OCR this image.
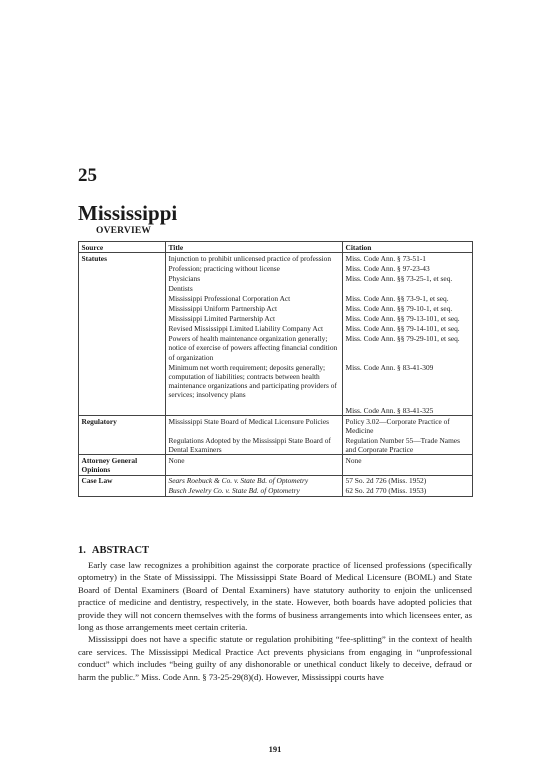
25
Mississippi
OVERVIEW
Source	Title	Citation
Statutes	Injunction to prohibit unlicensed practice of profession	Miss. Code Ann. § 73-51-1
	Profession; practicing without license	Miss. Code Ann. § 97-23-43
	Physicians	Miss. Code Ann. §§ 73-25-1, et seq.
	Dentists	
	Mississippi Professional Corporation Act	Miss. Code Ann. §§ 73-9-1, et seq.
	Mississippi Uniform Partnership Act	Miss. Code Ann. §§ 79-10-1, et seq.
	Mississippi Limited Partnership Act	Miss. Code Ann. §§ 79-13-101, et seq.
	Revised Mississippi Limited Liability Company Act	Miss. Code Ann. §§ 79-14-101, et seq.
	Powers of health maintenance organization generally; notice of exercise of powers affecting financial condition of organization	Miss. Code Ann. §§ 79-29-101, et seq.
	Minimum net worth requirement; deposits generally; computation of liabilities; contracts between health maintenance organizations and participating providers of services; insolvency plans	Miss. Code Ann. § 83-41-309
		Miss. Code Ann. § 83-41-325
Regulatory	Mississippi State Board of Medical Licensure Policies	Policy 3.02—Corporate Practice of Medicine
	Regulations Adopted by the Mississippi State Board of Dental Examiners	Regulation Number 55—Trade Names and Corporate Practice
Attorney General Opinions	None	None
Case Law	Sears Roebuck & Co. v. State Bd. of Optometry	57 So. 2d 726 (Miss. 1952)
	Busch Jewelry Co. v. State Bd. of Optometry	62 So. 2d 770 (Miss. 1953)
1. ABSTRACT

Early case law recognizes a prohibition against the corporate practice of licensed professions (specifically optometry) in the State of Mississippi. The Mississippi State Board of Medical Licensure (BOML) and State Board of Dental Examiners (Board of Dental Examiners) have statutory authority to enjoin the unlicensed practice of medicine and dentistry, respectively, in the state. However, both boards have adopted policies that provide they will not concern themselves with the forms of business arrangements into which licensees enter, as long as those arrangements meet certain criteria.

Mississippi does not have a specific statute or regulation prohibiting “fee-splitting” in the context of health care services. The Mississippi Medical Practice Act prevents physicians from engaging in “unprofessional conduct” which includes “being guilty of any dishonorable or unethical conduct likely to deceive, defraud or harm the public.” Miss. Code Ann. § 73-25-29(8)(d). However, Mississippi courts have

191
